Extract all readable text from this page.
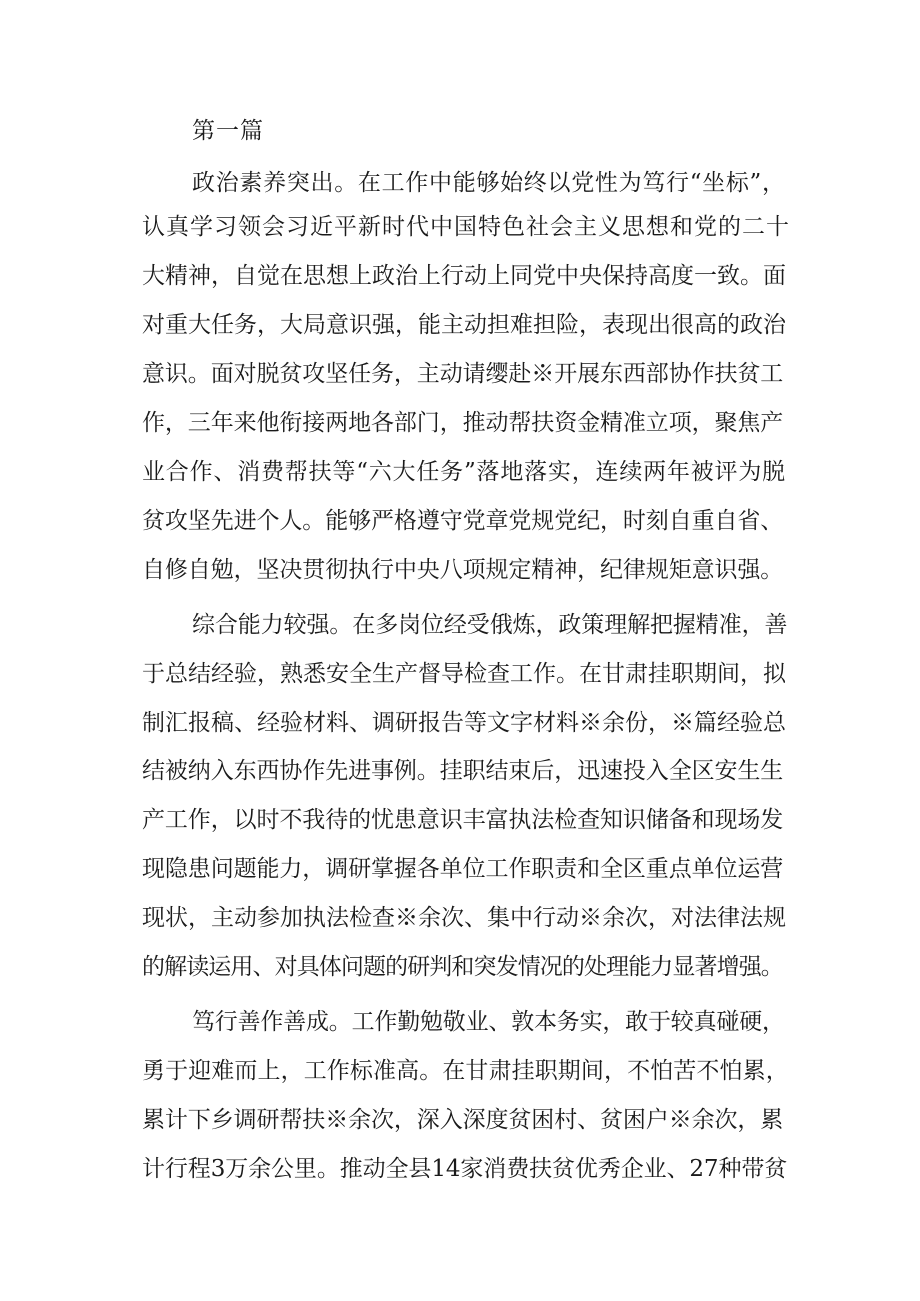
第一篇
政治素养突出。在工作中能够始终以党性为笃行“坐标”，
认真学习领会习近平新时代中国特色社会主义思想和党的二十
大精神，自觉在思想上政治上行动上同党中央保持高度一致。面
对重大任务，大局意识强，能主动担难担险，表现出很高的政治
意识。面对脱贫攻坚任务，主动请缨赴※开展东西部协作扶贫工
作，三年来他衔接两地各部门，推动帮扶资金精准立项，聚焦产
业合作、消费帮扶等“六大任务”落地落实，连续两年被评为脱
贫攻坚先进个人。能够严格遵守党章党规党纪，时刻自重自省、
自修自勉，坚决贯彻执行中央八项规定精神，纪律规矩意识强。
综合能力较强。在多岗位经受俄炼，政策理解把握精准，善
于总结经验，熟悉安全生产督导检查工作。在甘肃挂职期间，拟
制汇报稿、经验材料、调研报告等文字材料※余份，※篇经验总
结被纳入东西协作先进事例。挂职结束后，迅速投入全区安生生
产工作，以时不我待的忧患意识丰富执法检查知识储备和现场发
现隐患问题能力，调研掌握各单位工作职责和全区重点单位运营
现状，主动参加执法检查※余次、集中行动※余次，对法律法规
的解读运用、对具体问题的研判和突发情况的处理能力显著增强。
笃行善作善成。工作勤勉敬业、敦本务实，敢于较真碰硬，
勇于迎难而上，工作标准高。在甘肃挂职期间，不怕苦不怕累，
累计下乡调研帮扶※余次，深入深度贫困村、贫困户※余次，累
计行程3万余公里。推动全县14家消费扶贫优秀企业、27种带贫
